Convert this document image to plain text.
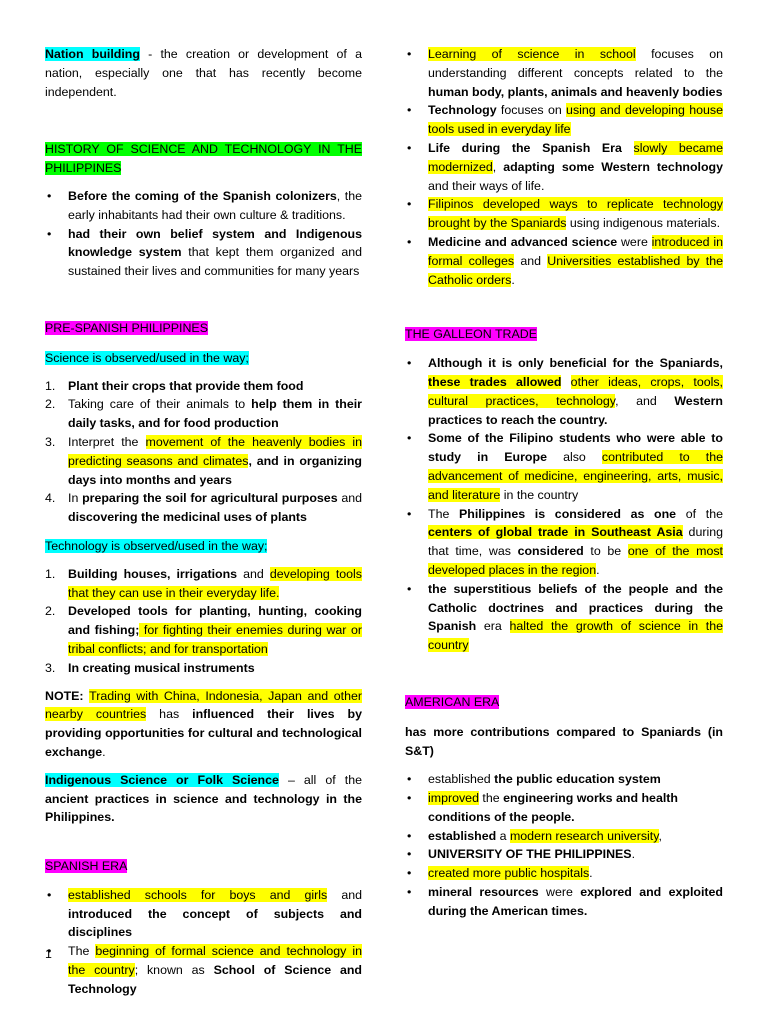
Nation building - the creation or development of a nation, especially one that has recently become independent.

HISTORY OF SCIENCE AND TECHNOLOGY IN THE PHILIPPINES

• Before the coming of the Spanish colonizers, the early inhabitants had their own culture & traditions.
• had their own belief system and Indigenous knowledge system that kept them organized and sustained their lives and communities for many years

PRE-SPANISH PHILIPPINES

Science is observed/used in the way;

1. Plant their crops that provide them food
2. Taking care of their animals to help them in their daily tasks, and for food production
3. Interpret the movement of the heavenly bodies in predicting seasons and climates, and in organizing days into months and years
4. In preparing the soil for agricultural purposes and discovering the medicinal uses of plants

Technology is observed/used in the way;

1. Building houses, irrigations and developing tools that they can use in their everyday life.
2. Developed tools for planting, hunting, cooking and fishing; for fighting their enemies during war or tribal conflicts; and for transportation
3. In creating musical instruments

NOTE: Trading with China, Indonesia, Japan and other nearby countries has influenced their lives by providing opportunities for cultural and technological exchange.

Indigenous Science or Folk Science – all of the ancient practices in science and technology in the Philippines.

SPANISH ERA

• established schools for boys and girls and introduced the concept of subjects and disciplines
• The beginning of formal science and technology in the country; known as School of Science and Technology
• Learning of science in school focuses on understanding different concepts related to the human body, plants, animals and heavenly bodies
• Technology focuses on using and developing house tools used in everyday life
• Life during the Spanish Era slowly became modernized, adapting some Western technology and their ways of life.
• Filipinos developed ways to replicate technology brought by the Spaniards using indigenous materials.
• Medicine and advanced science were introduced in formal colleges and Universities established by the Catholic orders.

THE GALLEON TRADE

• Although it is only beneficial for the Spaniards, these trades allowed other ideas, crops, tools, cultural practices, technology, and Western practices to reach the country.
• Some of the Filipino students who were able to study in Europe also contributed to the advancement of medicine, engineering, arts, music, and literature in the country
• The Philippines is considered as one of the centers of global trade in Southeast Asia during that time, was considered to be one of the most developed places in the region.
• the superstitious beliefs of the people and the Catholic doctrines and practices during the Spanish era halted the growth of science in the country

AMERICAN ERA

has more contributions compared to Spaniards (in S&T)

• established the public education system
• improved the engineering works and health conditions of the people.
• established a modern research university,
• UNIVERSITY OF THE PHILIPPINES.
• created more public hospitals.
• mineral resources were explored and exploited during the American times.
1
